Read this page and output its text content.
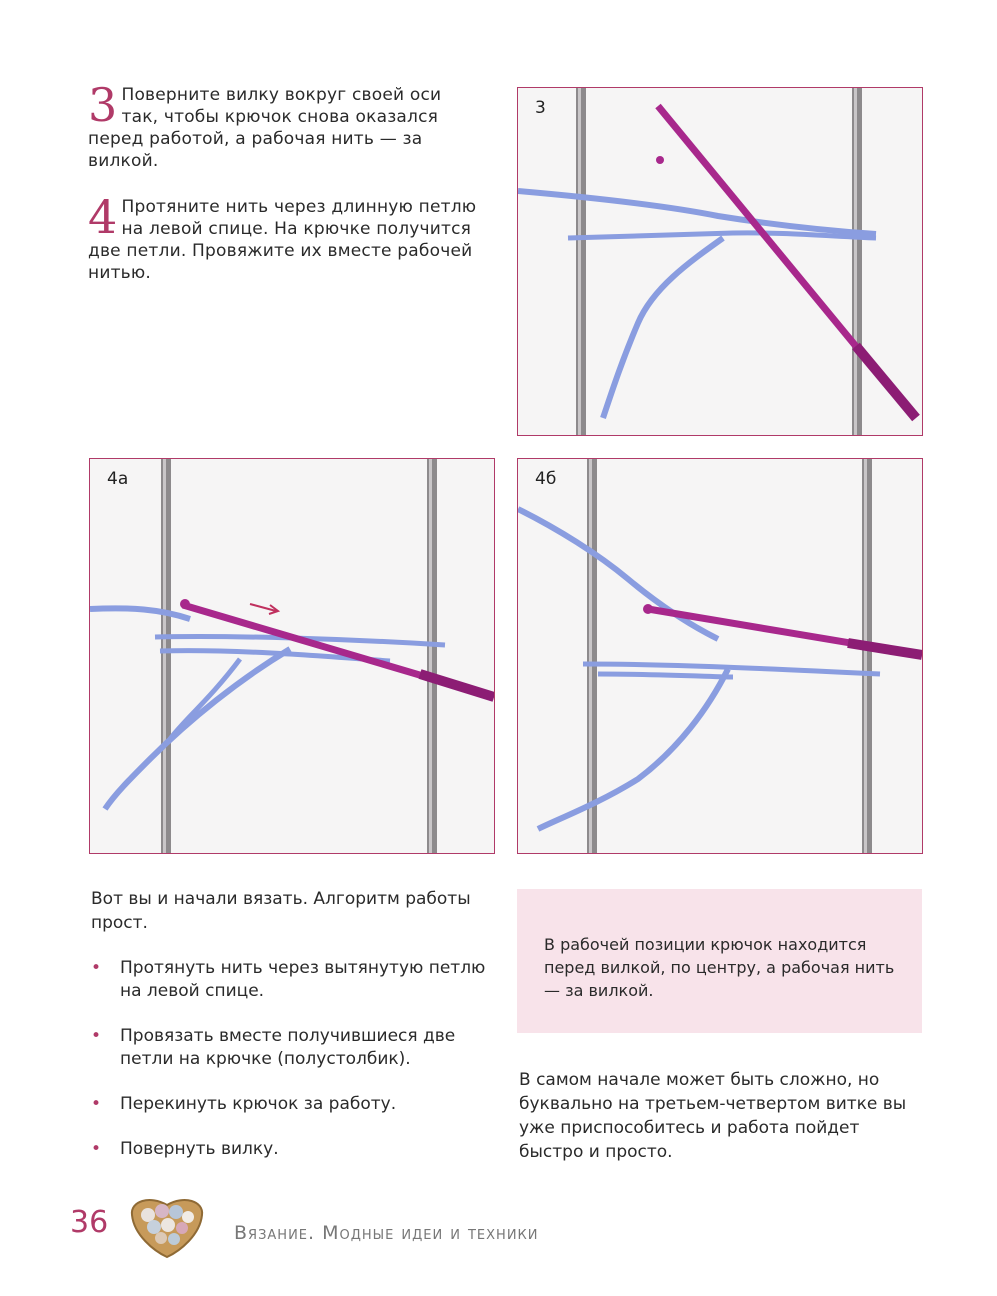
3 Поверните вилку вокруг своей оси так, чтобы крючок снова оказался перед работой, а рабочая нить — за вилкой.
4 Протяните нить через длинную петлю на левой спице. На крючке получится две петли. Провяжите их вместе рабочей нитью.
3
4а	4б
Вот вы и начали вязать. Алгоритм работы прост.
• Протянуть нить через вытянутую петлю на левой спице.
• Провязать вместе получившиеся две петли на крючке (полустолбик).
• Перекинуть крючок за работу.
• Повернуть вилку.

В рабочей позиции крючок находится перед вилкой, по центру, а рабочая нить — за вилкой.

В самом начале может быть сложно, но буквально на третьем-четвертом витке вы уже приспособитесь и работа пойдет быстро и просто.
36	Вязание. Модные идеи и техники
